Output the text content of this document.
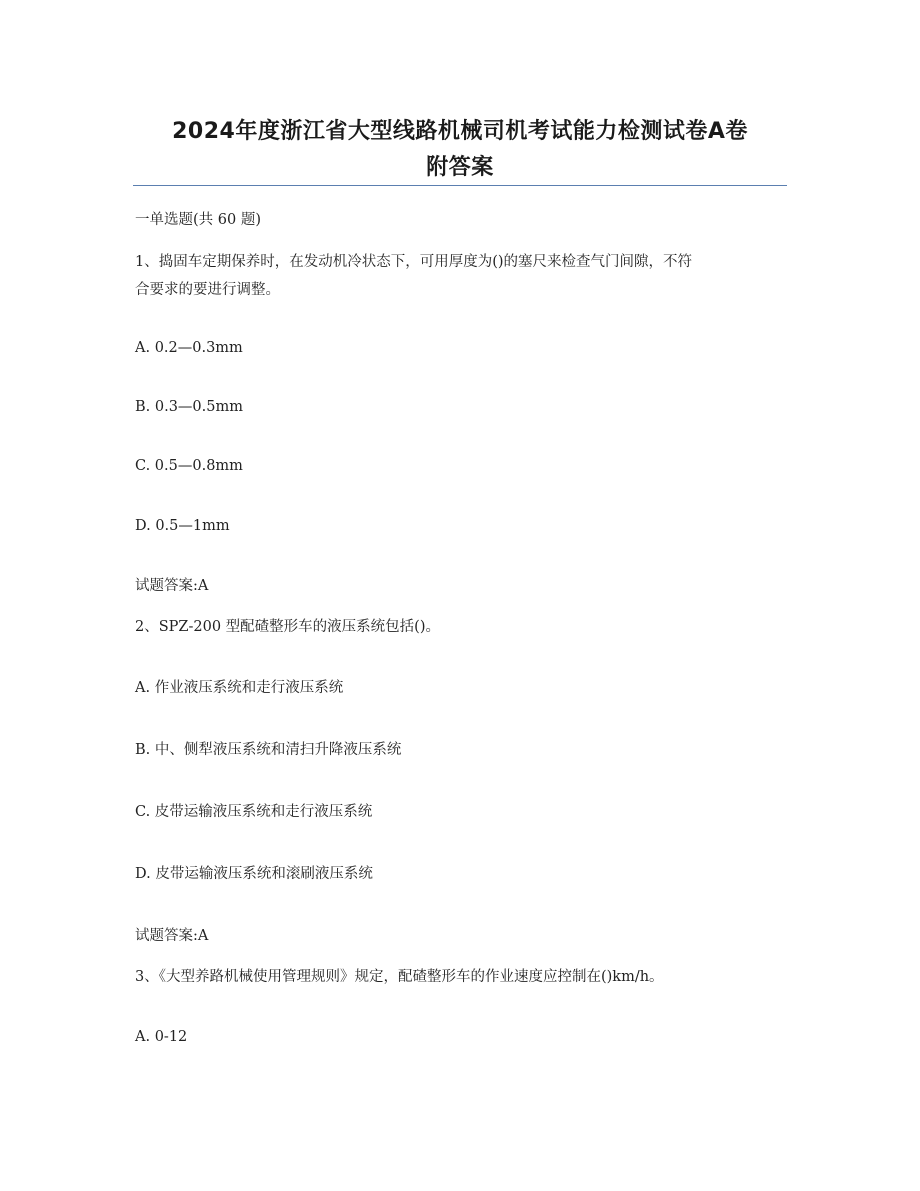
2024年度浙江省大型线路机械司机考试能力检测试卷A卷
附答案
一单选题(共 60 题)
1、捣固车定期保养时，在发动机冷状态下，可用厚度为()的塞尺来检查气门间隙，不符
合要求的要进行调整。
A. 0.2—0.3mm
B. 0.3—0.5mm
C. 0.5—0.8mm
D. 0.5—1mm
试题答案:A
2、SPZ-200 型配碴整形车的液压系统包括()。
A. 作业液压系统和走行液压系统
B. 中、侧犁液压系统和清扫升降液压系统
C. 皮带运输液压系统和走行液压系统
D. 皮带运输液压系统和滚刷液压系统
试题答案:A
3、《大型养路机械使用管理规则》规定，配碴整形车的作业速度应控制在()km/h。
A. 0-12
